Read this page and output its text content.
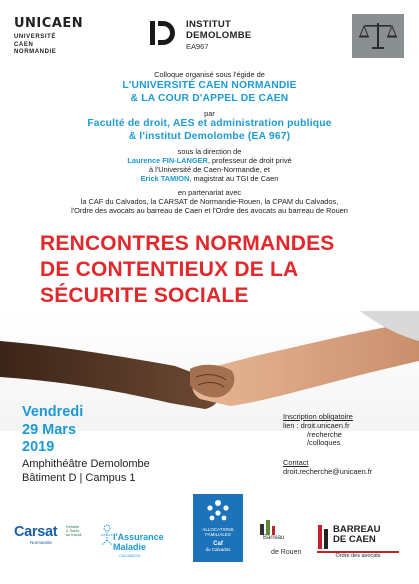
UNICAEN
UNIVERSITÉ
CAEN
NORMANDIE
INSTITUT
DEMOLOMBE
EA967
Colloque organisé sous l'égide de
L'UNIVERSITÉ CAEN NORMANDIE
& LA COUR D'APPEL DE CAEN
par
Faculté de droit, AES et administration publique
& l'institut Demolombe (EA 967)
sous la direction de
Laurence FIN-LANGER, professeur de droit privé
à l'Université de Caen-Normandie, et
Erick TAMION, magistrat au TGI de Caen
en partenariat avec
la CAF du Calvados, la CARSAT de Normandie-Rouen, la CPAM du Calvados,
l'Ordre des avocats au barreau de Caen et l'Ordre des avocats au barreau de Rouen
RENCONTRES NORMANDES
DE CONTENTIEUX DE LA
SÉCURITE SOCIALE
Vendredi
29 Mars
2019
Amphithéâtre Demolombe
Bâtiment D | Campus 1
Inscription obligatoire
lien : droit.unicaen.fr
/recherche
/colloques
Contact
droit.recherche@unicaen.fr
Carsat	Retraite
& Santé
au travail
Normandie
l'Assurance
Maladie
CALVADOS
ALLOCATIONS
FAMILIALES
Caf
du Calvados
Barreau
de Rouen
BARREAU
DE CAEN
Ordre des avocats
